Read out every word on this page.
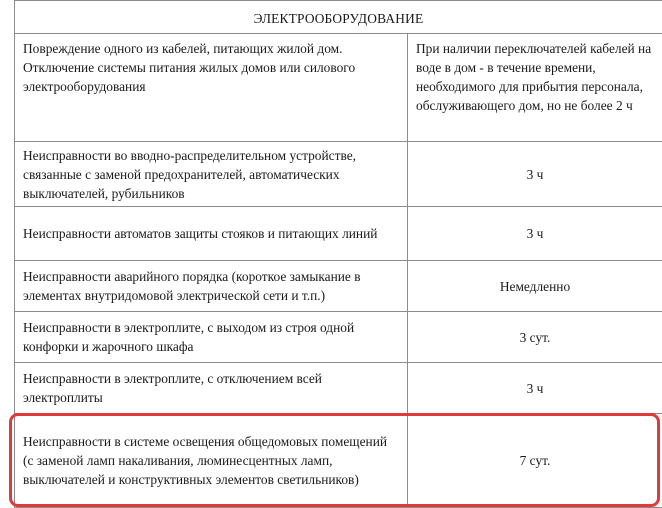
ЭЛЕКТРООБОРУДОВАНИЕ	
Повреждение одного из кабелей, питающих жилой дом. Отключение системы питания жилых домов или силового электрооборудования	При наличии переключателей кабелей на воде в дом - в течение времени, необходимого для прибытия персонала, обслуживающего дом, но не более 2 ч
Неисправности во вводно-распределительном устройстве, связанные с заменой предохранителей, автоматических выключателей, рубильников	3 ч
Неисправности автоматов защиты стояков и питающих линий	3 ч
Неисправности аварийного порядка (короткое замыкание в элементах внутридомовой электрической сети и т.п.)	Немедленно
Неисправности в электроплите, с выходом из строя одной конфорки и жарочного шкафа	3 сут.
Неисправности в электроплите, с отключением всей электроплиты	3 ч
Неисправности в системе освещения общедомовых помещений (с заменой ламп накаливания, люминесцентных ламп, выключателей и конструктивных элементов светильников)	7 сут.
